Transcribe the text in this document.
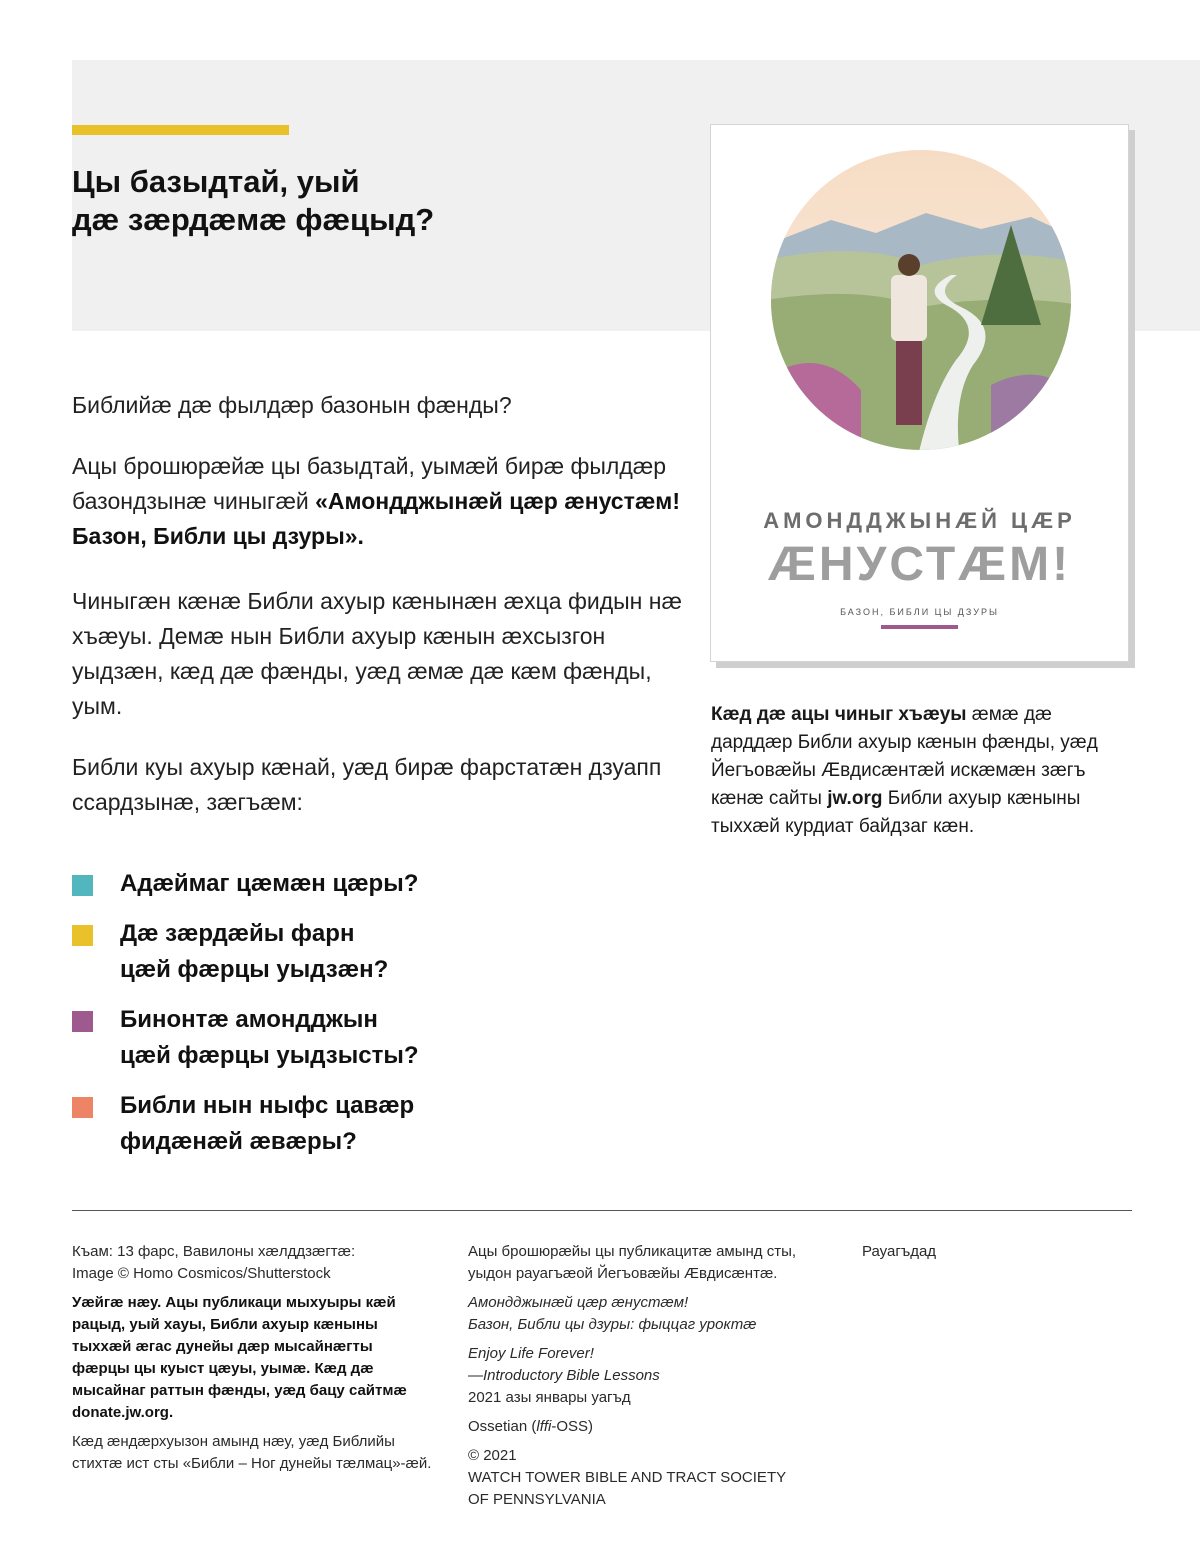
Цы базыдтай, уый
дæ зæрдæмæ фæцыд?

Библийæ дæ фылдæр базонын фæнды?

Ацы брошюрæйæ цы базыдтай, уымæй бирæ фылдæр базондзынæ чиныгæй «Амондджынæй цæр æнустæм! Базон, Библи цы дзуры».

Чиныгæн кæнæ Библи ахуыр кæнынæн æхца фидын нæ хъæуы. Демæ нын Библи ахуыр кæнын æхсызгон уыдзæн, кæд дæ фæнды, уæд æмæ дæ кæм фæнды, уым.

Библи куы ахуыр кæнай, уæд бирæ фарстатæн дзуапп ссардзынæ, зæгъæм:

Адæймаг цæмæн цæры?
Дæ зæрдæйы фарн
цæй фæрцы уыдзæн?
Бинонтæ амондджын
цæй фæрцы уыдзысты?
Библи нын ныфс цавæр
фидæнæй æвæры?
АМОНДДЖЫНÆЙ ЦÆР
ÆНУСТÆМ!
БАЗОН, БИБЛИ ЦЫ ДЗУРЫ

Кæд дæ ацы чиныг хъæуы æмæ дæ дарддæр Библи ахуыр кæнын фæнды, уæд Йегъовæйы Æвдисæнтæй искæмæн зæгъ кæнæ сайты jw.org Библи ахуыр кæныны тыххæй курдиат байдзаг кæн.

Къам: 13 фарс, Вавилоны хæлддзæгтæ:
Image © Homo Cosmicos/Shutterstock

Уæйгæ нæу. Ацы публикаци мыхуыры кæй рацыд, уый хауы, Библи ахуыр кæныны тыххæй æгас дунейы дæр мысайнæгты фæрцы цы куыст цæуы, уымæ. Кæд дæ мысайнаг раттын фæнды, уæд бацу сайтмæ donate.jw.org.

Кæд æндæрхуызон амынд нæу, уæд Библийы стихтæ ист сты «Библи – Ног дунейы тæлмац»-æй.

Ацы брошюрæйы цы публикацитæ амынд сты, уыдон рауагъæой Йегъовæйы Æвдисæнтæ.

Амондджынæй цæр æнустæм!
Базон, Библи цы дзуры: фыццаг уроктæ

Enjoy Life Forever!
—Introductory Bible Lessons
2021 азы январы уагъд

Ossetian (lffi-OSS)

© 2021
WATCH TOWER BIBLE AND TRACT SOCIETY
OF PENNSYLVANIA

Рауагъдад
